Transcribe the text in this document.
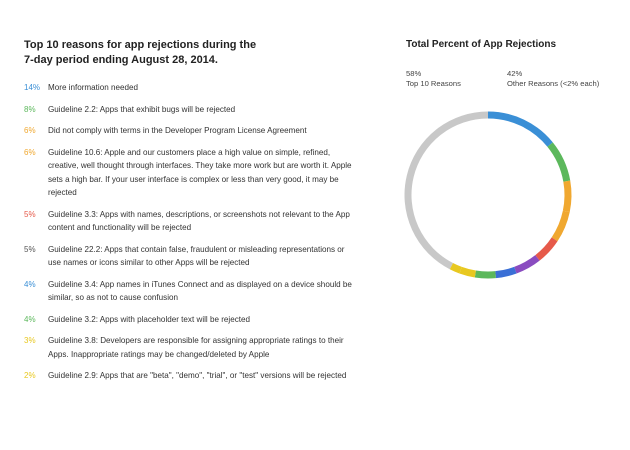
Top 10 reasons for app rejections during the
7-day period ending August 28, 2014.
14% More information needed
8%	Guideline 2.2: Apps that exhibit bugs will be rejected
6%	Did not comply with terms in the Developer Program License Agreement
6%	Guideline 10.6: Apple and our customers place a high value on simple, refined, creative, well thought through interfaces. They take more work but are worth it. Apple sets a high bar. If your user interface is complex or less than very good, it may be rejected
5%	Guideline 3.3: Apps with names, descriptions, or screenshots not relevant to the App content and functionality will be rejected
5%	Guideline 22.2: Apps that contain false, fraudulent or misleading representations or use names or icons similar to other Apps will be rejected
4%	Guideline 3.4: App names in iTunes Connect and as displayed on a device should be similar, so as not to cause confusion
4%	Guideline 3.2: Apps with placeholder text will be rejected
3%	Guideline 3.8: Developers are responsible for assigning appropriate ratings to their Apps. Inappropriate ratings may be changed/deleted by Apple
2%	Guideline 2.9: Apps that are "beta", "demo", "trial", or "test" versions will be rejected
Total Percent of App Rejections
58%
Top 10 Reasons
42%
Other Reasons (<2% each)
